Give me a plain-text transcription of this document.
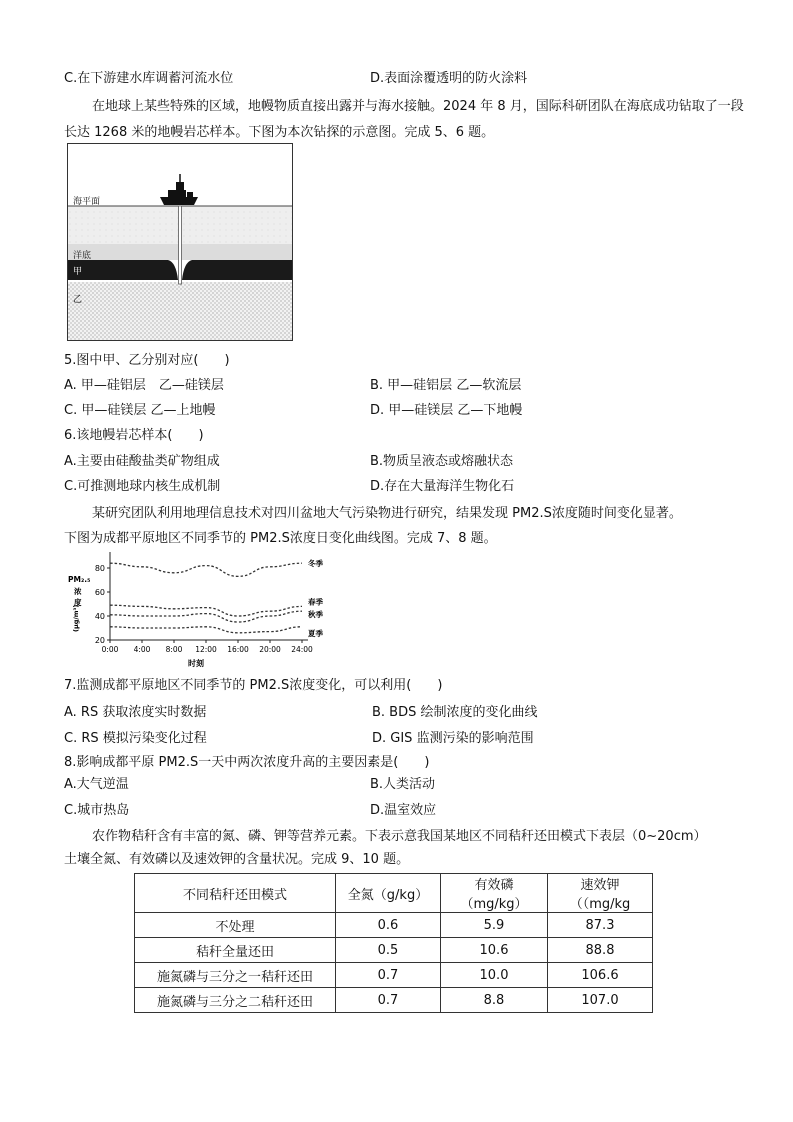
C.在下游建水库调蓄河流水位	D.表面涂覆透明的防火涂料
在地球上某些特殊的区域，地幔物质直接出露并与海水接触。2024 年 8 月，国际科研团队在海底成功钻取了一段长达 1268 米的地幔岩芯样本。下图为本次钻探的示意图。完成 5、6 题。
海平面
洋底
甲
乙
5.图中甲、乙分别对应(　　)
A. 甲—硅铝层　乙—硅镁层	B. 甲—硅铝层 乙—软流层
C. 甲—硅镁层 乙—上地幔	D. 甲—硅镁层 乙—下地幔
6.该地幔岩芯样本(　　)
A.主要由硅酸盐类矿物组成	B.物质呈液态或熔融状态
C.可推测地球内核生成机制	D.存在大量海洋生物化石
某研究团队利用地理信息技术对四川盆地大气污染物进行研究，结果发现 PM2.S浓度随时间变化显著。
下图为成都平原地区不同季节的 PM2.S浓度日变化曲线图。完成 7、8 题。
20
40
60
80
0:00 4:00 8:00 12:00 16:00 20:00 24:00
时刻
PM₂.₅
浓
度
(μg/m³)
冬季
春季
秋季
夏季
7.监测成都平原地区不同季节的 PM2.S浓度变化，可以利用(　　)
A. RS 获取浓度实时数据	B. BDS 绘制浓度的变化曲线
C. RS 模拟污染变化过程	D. GIS 监测污染的影响范围
8.影响成都平原 PM2.S一天中两次浓度升高的主要因素是(　　)
A.大气逆温	B.人类活动
C.城市热岛	D.温室效应
农作物秸秆含有丰富的氮、磷、钾等营养元素。下表示意我国某地区不同秸秆还田模式下表层（0~20cm）
土壤全氮、有效磷以及速效钾的含量状况。完成 9、10 题。
不同秸秆还田模式	全氮（g/kg）	有效磷（mg/kg）	速效钾（（mg/kg
不处理	0.6	5.9	87.3
秸秆全量还田	0.5	10.6	88.8
施氮磷与三分之一秸秆还田	0.7	10.0	106.6
施氮磷与三分之二秸秆还田	0.7	8.8	107.0
